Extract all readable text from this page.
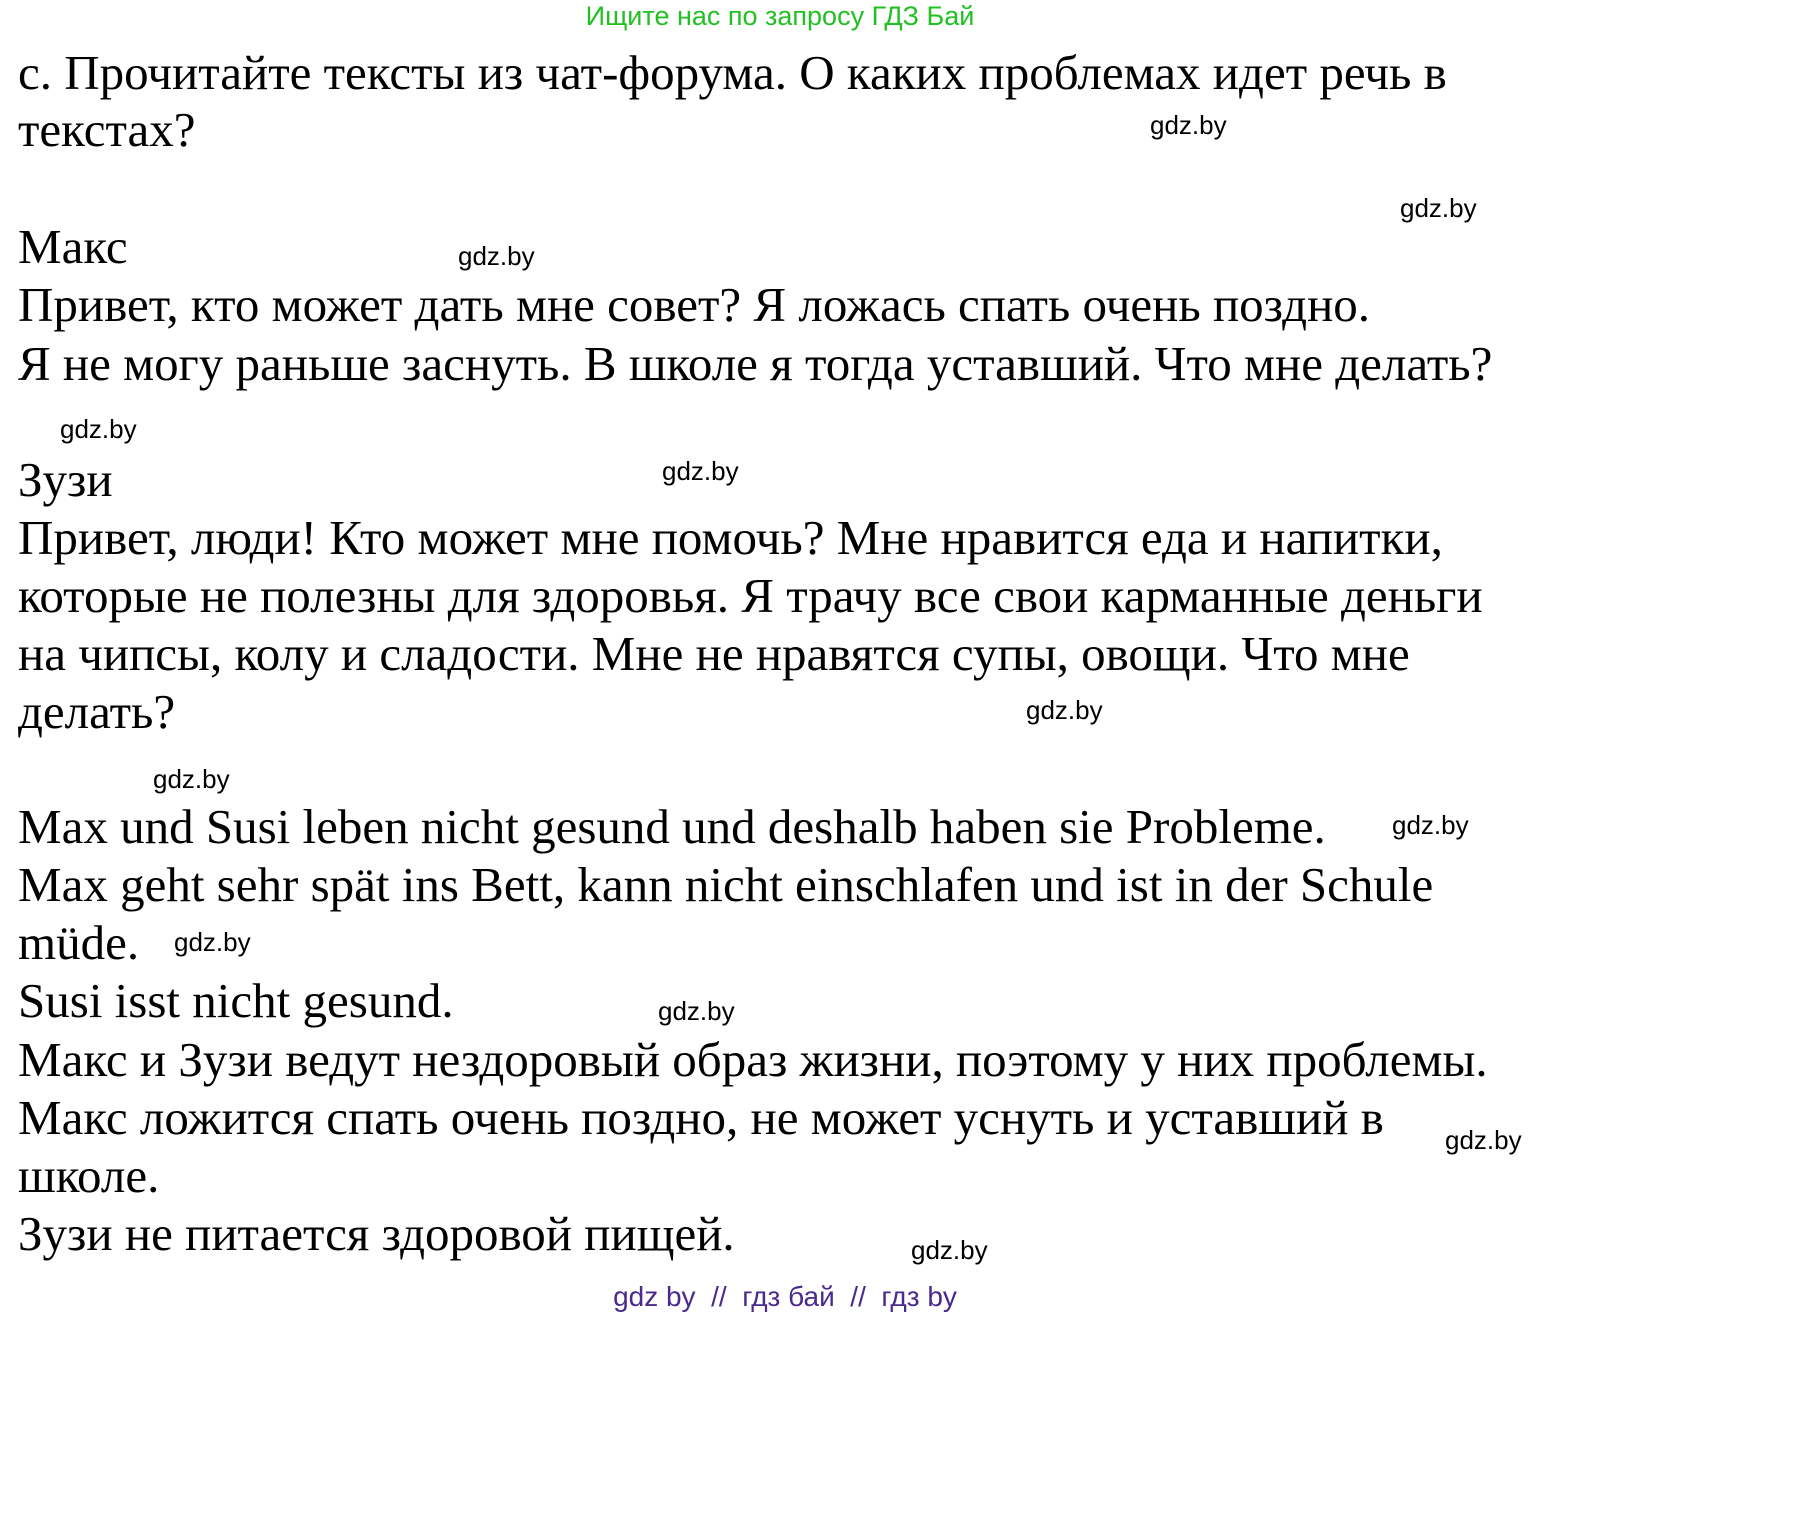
Ищите нас по запросу ГДЗ Бай
c. Прочитайте тексты из чат-форума. О каких проблемах идет речь в
текстах?
Макс
Привет, кто может дать мне совет? Я ложась спать очень поздно.
Я не могу раньше заснуть. В школе я тогда уставший. Что мне делать?
Зузи
Привет, люди! Кто может мне помочь? Мне нравится еда и напитки,
которые не полезны для здоровья. Я трачу все свои карманные деньги
на чипсы, колу и сладости. Мне не нравятся супы, овощи. Что мне
делать?
Max und Susi leben nicht gesund und deshalb haben sie Probleme.
Max geht sehr spät ins Bett, kann nicht einschlafen und ist in der Schule
müde.
Susi isst nicht gesund.
Макс и Зузи ведут нездоровый образ жизни, поэтому у них проблемы.
Макс ложится спать очень поздно, не может уснуть и уставший в
школе.
Зузи не питается здоровой пищей.
gdz.by
gdz.by
gdz.by
gdz.by
gdz.by
gdz.by
gdz.by
gdz.by
gdz.by
gdz.by
gdz.by
gdz.by
gdz by  //  гдз бай  //  гдз by
